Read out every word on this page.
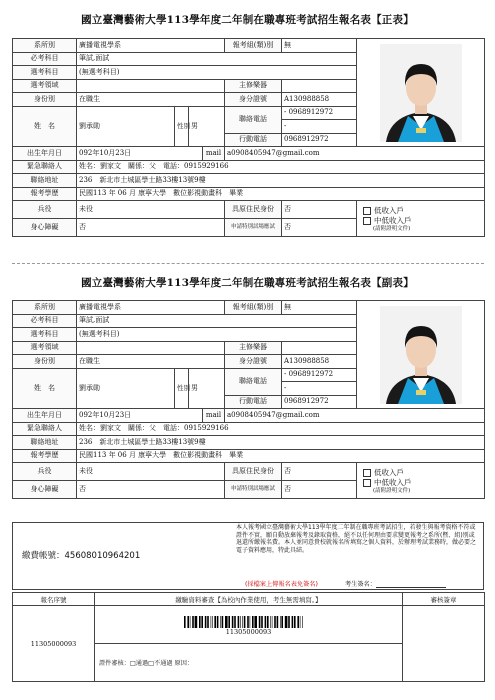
國立臺灣藝術大學113學年度二年制在職專班考試招生報名表【正表】
系所別	廣播電視學系				報考組(類)別	無	

必考科目	筆試,面試						
選考科目	(無選考科目)						
選考領域					主修樂器		
身份別	在職生				身分證號	A130988858	
姓　名	劉承勛	性別	男		聯絡電話	- 0968912972	
						-	
					行動電話	0968912972	
出生年月日	092年10月23日			mail	a0908405947@gmail.com		
緊急聯絡人	姓名：劉家文　關係：父　電話：0915929166						
聯絡地址	236　新北市土城區學士路33樓13號9樓						
報考學歷	民國113 年 06 月 康寧大學　數位影視動畫科　畢業						
兵役	未役				具原住民身份	否	低收入戶
中低收入戶
(請附證明文件)

身心障礙	否				申請特別試場應試	否	
國立臺灣藝術大學113學年度二年制在職專班考試招生報名表【副表】
系所別	廣播電視學系				報考組(類)別	無	

必考科目	筆試,面試						
選考科目	(無選考科目)						
選考領域					主修樂器		
身份別	在職生				身分證號	A130988858	
姓　名	劉承勛	性別	男		聯絡電話	- 0968912972	
						-	
					行動電話	0968912972	
出生年月日	092年10月23日			mail	a0908405947@gmail.com		
緊急聯絡人	姓名：劉家文　關係：父　電話：0915929166						
聯絡地址	236　新北市土城區學士路33樓13號9樓						
報考學歷	民國113 年 06 月 康寧大學　數位影視動畫科　畢業						
兵役	未役				具原住民身份	否	低收入戶
中低收入戶
(請附證明文件)

身心障礙	否				申請特別試場應試	否	
繳費帳號：45608010964201
本人報考國立臺灣藝術大學113學年度二年制在職專班考試招生，若發生與報考資格不符或證件不實，願自動放棄報考及錄取資格，絕不以任何理由要求變更報考之系所(暨、組)別或退還所繳報名費。本人並同意貴校就報名所填寫之個人資料，於辦理考試業務時，做必要之電子資料應用，特此具結。
(採檔案上傳報名表免簽名)	考生簽名：
報名序號	繳驗資料審查【為校內作業使用，考生無需填寫。】	審核簽章
11305000093	11305000093	

	證件審核：□通過□不通過 原因：	
